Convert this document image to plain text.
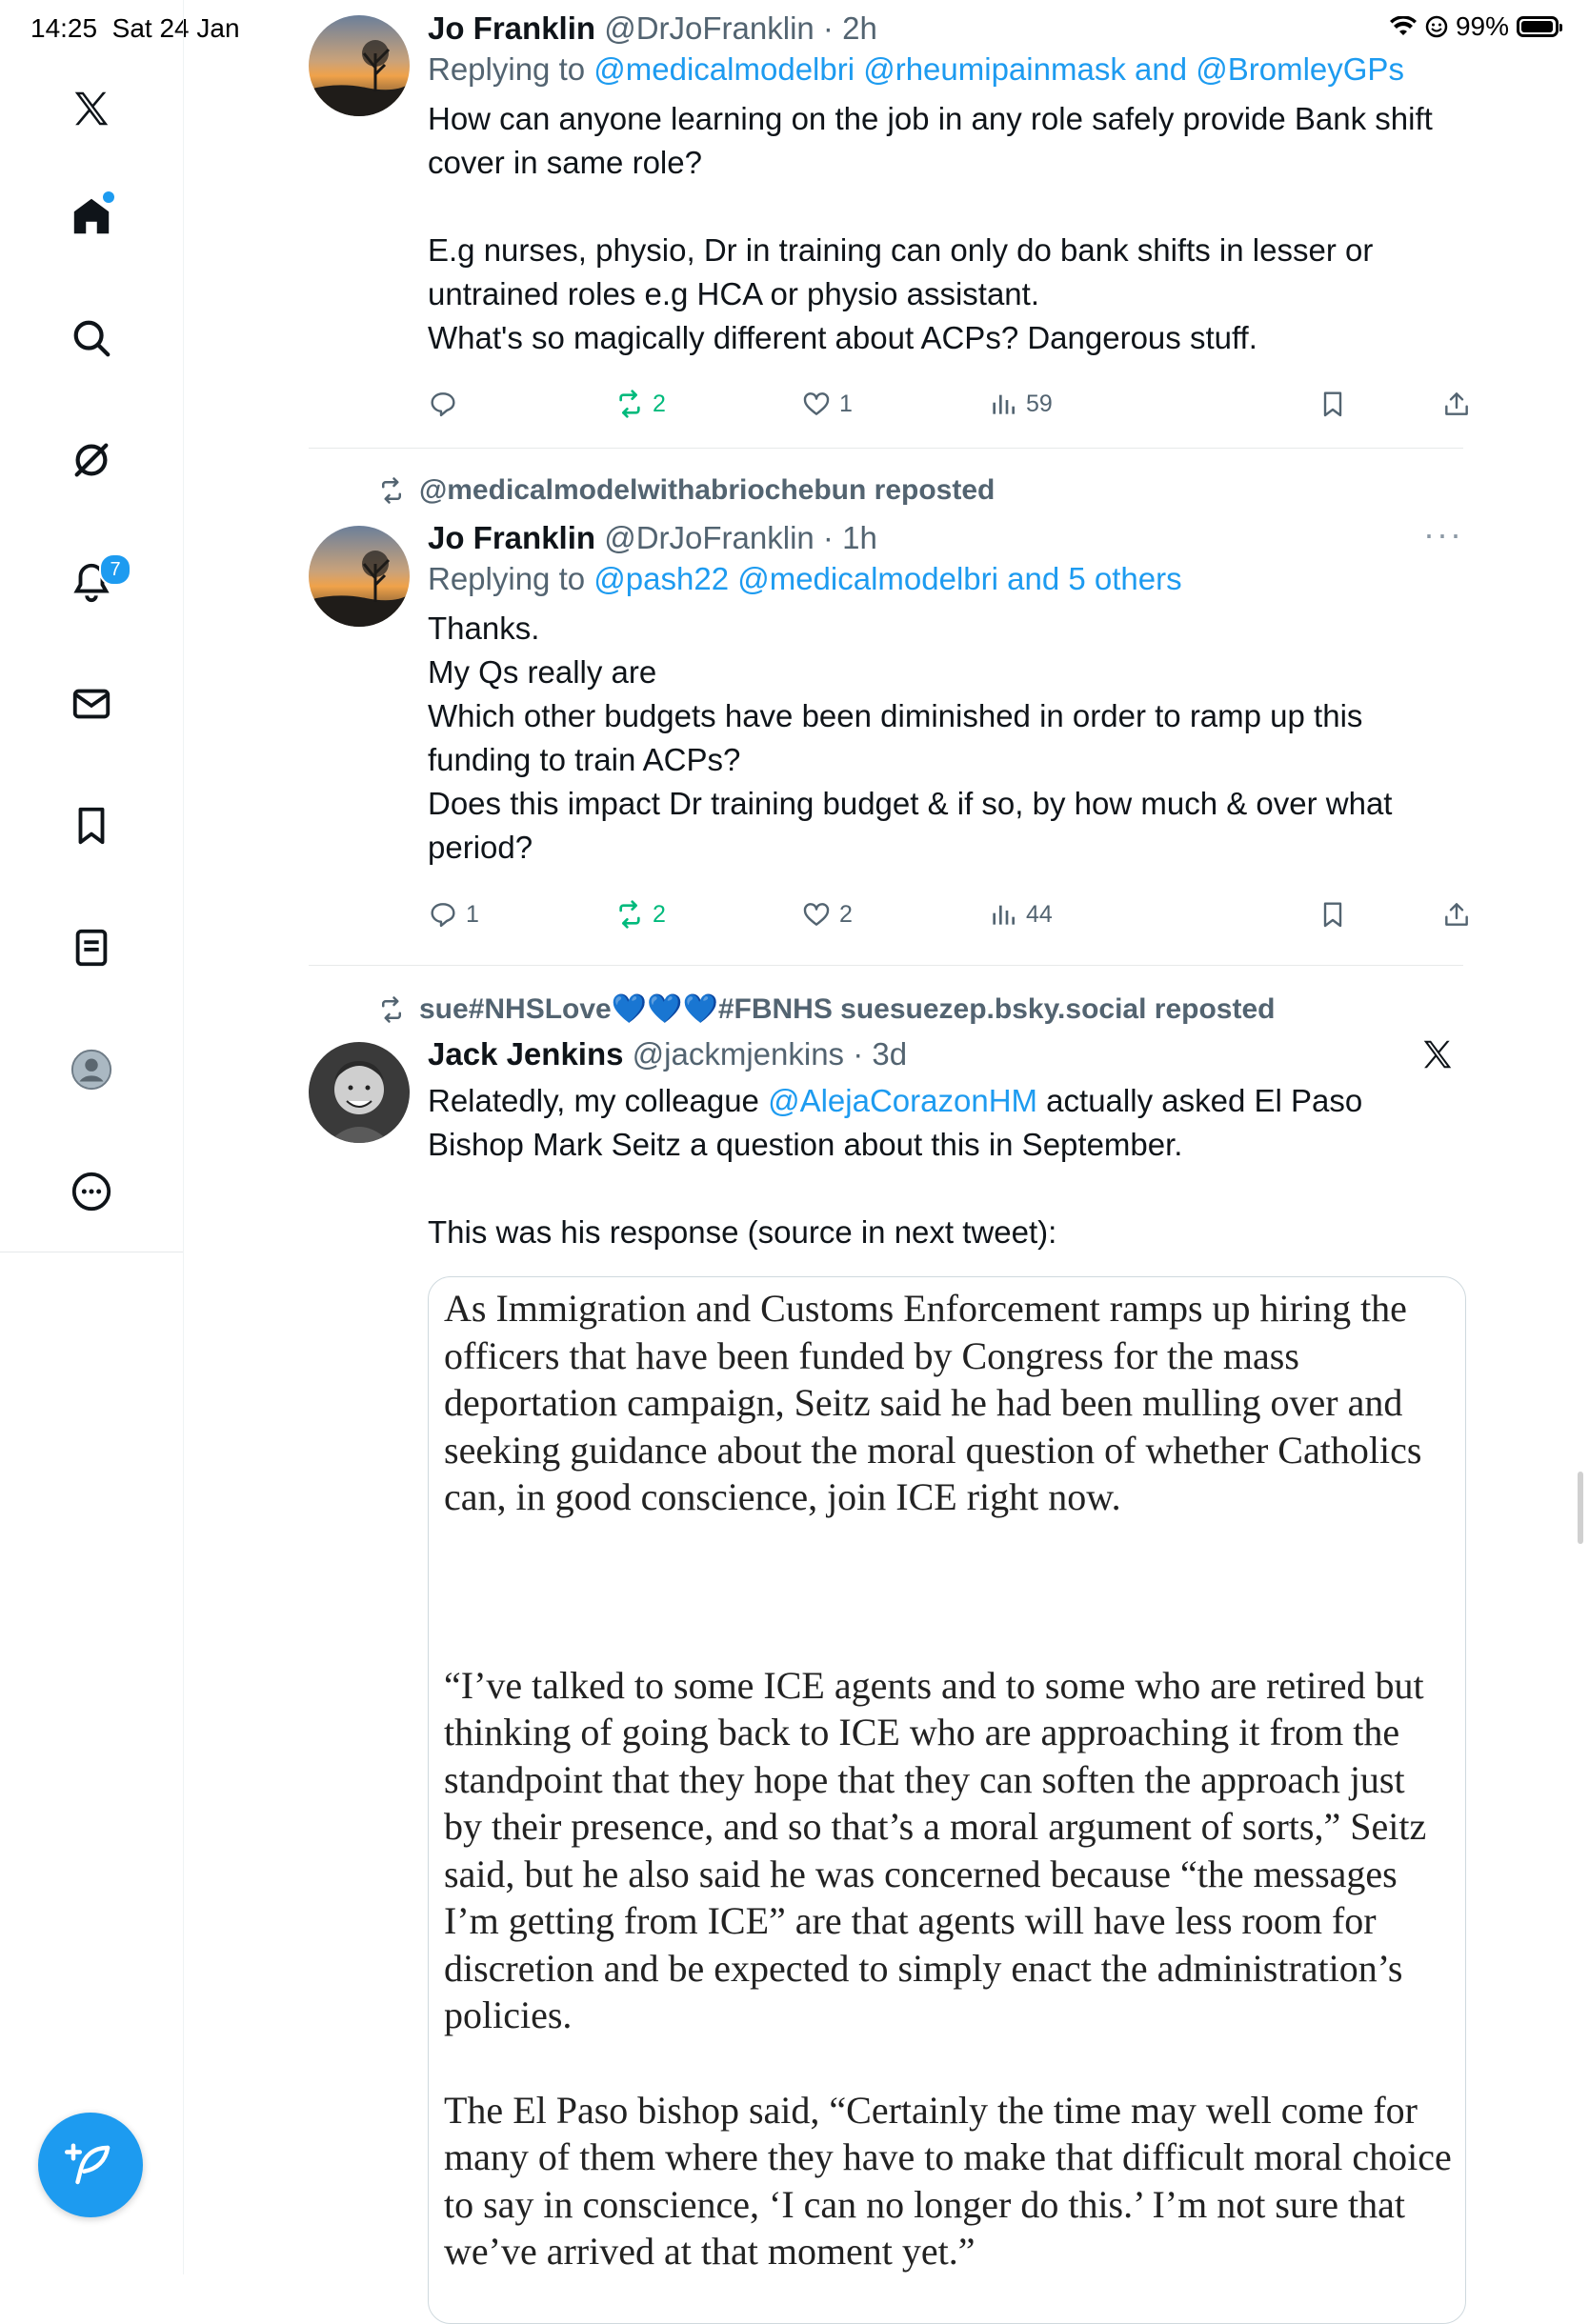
14:25 Sat 24 Jan	99%
7
Jo Franklin @DrJoFranklin · 2h
Replying to @medicalmodelbri @rheumipainmask and @BromleyGPs

How can anyone learning on the job in any role safely provide Bank shift cover in same role?

E.g nurses, physio, Dr in training can only do bank shifts in lesser or untrained roles e.g HCA or physio assistant.

What's so magically different about ACPs? Dangerous stuff.

2	1	59
@medicalmodelwithabriochebun reposted
Jo Franklin @DrJoFranklin · 1h
Replying to @pash22 @medicalmodelbri and 5 others

Thanks.

My Qs really are

Which other budgets have been diminished in order to ramp up this funding to train ACPs?

Does this impact Dr training budget & if so, by how much & over what period?

···
1	2	2	44
sue#NHSLove💙💙💙#FBNHS suesuezep.bsky.social reposted
Jack Jenkins @jackmjenkins · 3d

Relatedly, my colleague @AlejaCorazonHM actually asked El Paso Bishop Mark Seitz a question about this in September.

This was his response (source in next tweet):

As Immigration and Customs Enforcement ramps up hiring the officers that have been funded by Congress for the mass deportation campaign, Seitz said he had been mulling over and seeking guidance about the moral question of whether Catholics can, in good conscience, join ICE right now.

“I’ve talked to some ICE agents and to some who are retired but thinking of going back to ICE who are approaching it from the standpoint that they hope that they can soften the approach just by their presence, and so that’s a moral argument of sorts,” Seitz said, but he also said he was concerned because “the messages I’m getting from ICE” are that agents will have less room for discretion and be expected to simply enact the administration’s policies.

The El Paso bishop said, “Certainly the time may well come for many of them where they have to make that difficult moral choice to say in conscience, ‘I can no longer do this.’ I’m not sure that we’ve arrived at that moment yet.”
